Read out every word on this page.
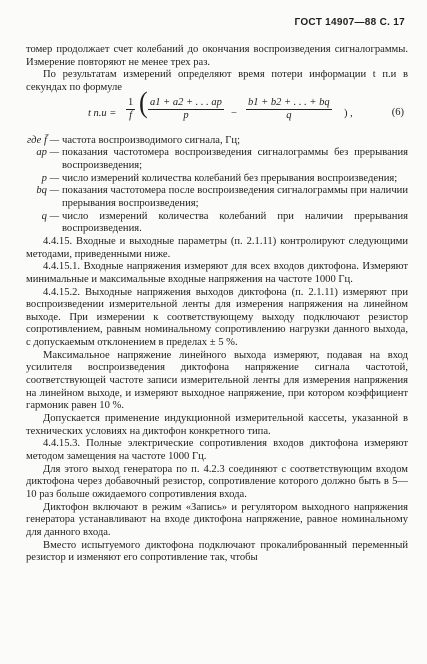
ГОСТ 14907—88 С. 17

томер продолжает счет колебаний до окончания воспроизведения сигналограммы. Измерение повторяют не менее трех раз.

По результатам измерений определяют время потери информации t п.и в секундах по формуле

t $п.и = \frac{1}{f}$ ( $\frac{a1 + a2 + . . . ap}{p} - \frac{b1 + b2 + . . . + bq}{q}$ ) ,	(6)
где f̄ — частота воспроизводимого сигнала, Гц;
ap — показания частотомера воспроизведения сигналограммы без прерывания воспроизведения;
p — число измерений количества колебаний без прерывания воспроизведения;
bq — показания частотомера после воспроизведения сигналограммы при наличии прерывания воспроизведения;
q — число измерений количества колебаний при наличии прерывания воспроизведения.

4.4.15. Входные и выходные параметры (п. 2.1.11) контролируют следующими методами, приведенными ниже.

4.4.15.1. Входные напряжения измеряют для всех входов диктофона. Измеряют минимальные и максимальные входные напряжения на частоте 1000 Гц.

4.4.15.2. Выходные напряжения выходов диктофона (п. 2.1.11) измеряют при воспроизведении измерительной ленты для измерения напряжения на линейном выходе. При измерении к соответствующему выходу подключают резистор сопротивлением, равным номинальному сопротивлению нагрузки данного выхода, с допускаемым отклонением в пределах ± 5 %.

Максимальное напряжение линейного выхода измеряют, подавая на вход усилителя воспроизведения диктофона напряжение сигнала частотой, соответствующей частоте записи измерительной ленты для измерения напряжения на линейном выходе, и измеряют выходное напряжение, при котором коэффициент гармоник равен 10 %.

Допускается применение индукционной измерительной кассеты, указанной в технических условиях на диктофон конкретного типа.

4.4.15.3. Полные электрические сопротивления входов диктофона измеряют методом замещения на частоте 1000 Гц.

Для этого выход генератора по п. 4.2.3 соединяют с соответствующим входом диктофона через добавочный резистор, сопротивление которого должно быть в 5—10 раз больше ожидаемого сопротивления входа.

Диктофон включают в режим «Запись» и регулятором выходного напряжения генератора устанавливают на входе диктофона напряжение, равное номинальному для данного входа.

Вместо испытуемого диктофона подключают прокалиброванный переменный резистор и изменяют его сопротивление так, чтобы
